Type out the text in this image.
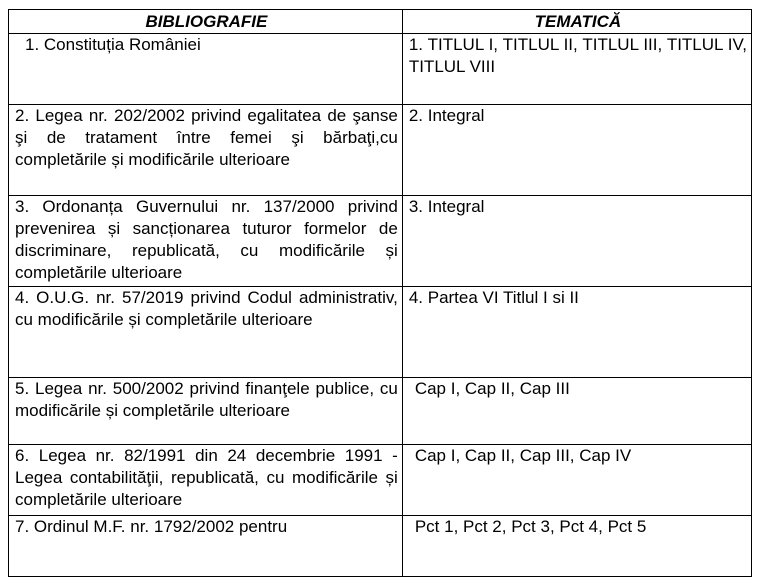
BIBLIOGRAFIE	TEMATICĂ
1. Constituția României	1. TITLUL I, TITLUL II, TITLUL III, TITLUL IV, TITLUL VIII
2. Legea nr. 202/2002 privind egalitatea de şanse şi de tratament între femei şi bărbaţi,cu completările și modificările ulterioare	2. Integral
3. Ordonanța Guvernului nr. 137/2000 privind prevenirea și sancționarea tuturor formelor de discriminare, republicată, cu modificările și completările ulterioare	3. Integral
4. O.U.G. nr. 57/2019 privind Codul administrativ, cu modificările și completările ulterioare	4. Partea VI Titlul I si II
5. Legea nr. 500/2002 privind finanţele publice, cu modificările și completările ulterioare	Cap I, Cap II, Cap III
6. Legea nr. 82/1991 din 24 decembrie 1991 - Legea contabilităţii, republicată, cu modificările și completările ulterioare	Cap I, Cap II, Cap III, Cap IV
7. Ordinul M.F. nr. 1792/2002 pentru	Pct 1, Pct 2, Pct 3, Pct 4, Pct 5
